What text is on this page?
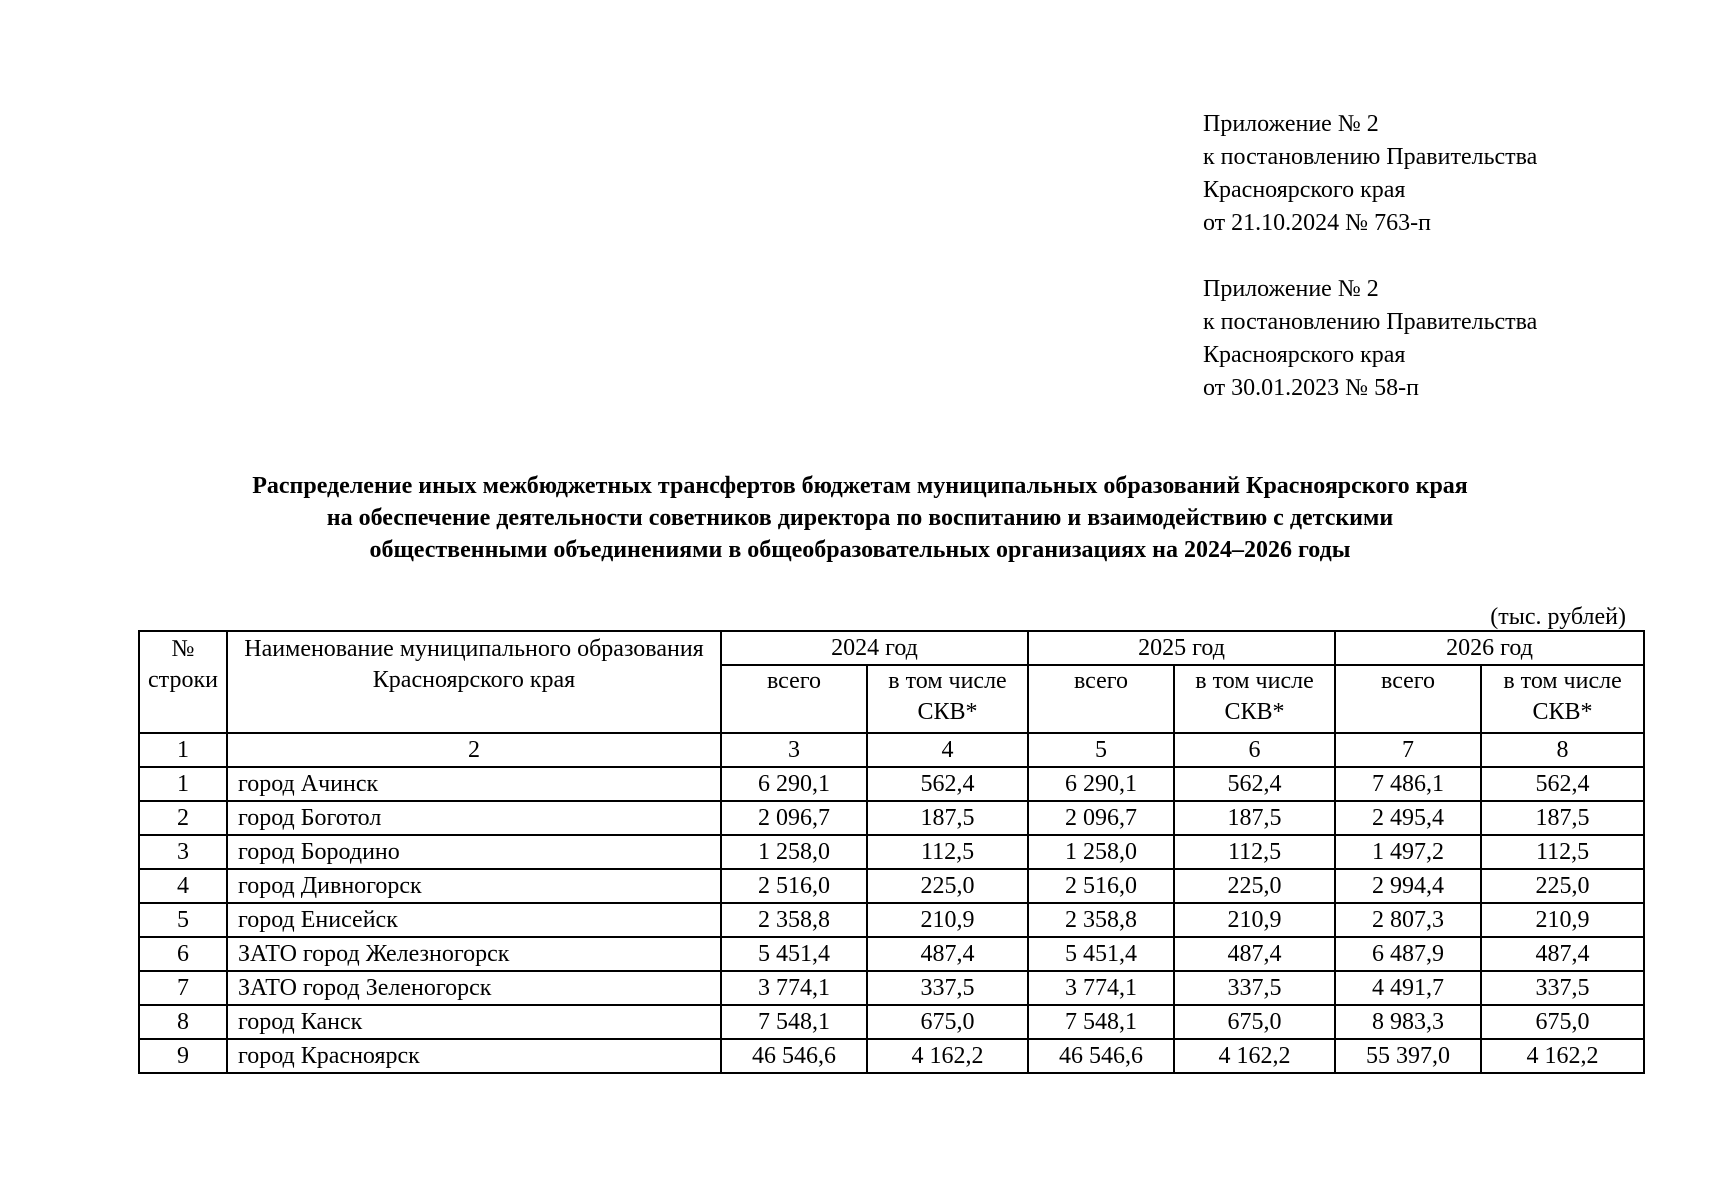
Приложение № 2
к постановлению Правительства
Красноярского края
от 21.10.2024 № 763-п
Приложение № 2
к постановлению Правительства
Красноярского края
от 30.01.2023 № 58-п
Распределение иных межбюджетных трансфертов бюджетам муниципальных образований Красноярского края
на обеспечение деятельности советников директора по воспитанию и взаимодействию с детскими
общественными объединениями в общеобразовательных организациях на 2024–2026 годы
(тыс. рублей)
№ строки	Наименование муниципального образования Красноярского края	2024 год		2025 год		2026 год	
		всего	в том числе СКВ*	всего	в том числе СКВ*	всего	в том числе СКВ*
1	2	3	4	5	6	7	8
1	город Ачинск	6 290,1	562,4	6 290,1	562,4	7 486,1	562,4
2	город Боготол	2 096,7	187,5	2 096,7	187,5	2 495,4	187,5
3	город Бородино	1 258,0	112,5	1 258,0	112,5	1 497,2	112,5
4	город Дивногорск	2 516,0	225,0	2 516,0	225,0	2 994,4	225,0
5	город Енисейск	2 358,8	210,9	2 358,8	210,9	2 807,3	210,9
6	ЗАТО город Железногорск	5 451,4	487,4	5 451,4	487,4	6 487,9	487,4
7	ЗАТО город Зеленогорск	3 774,1	337,5	3 774,1	337,5	4 491,7	337,5
8	город Канск	7 548,1	675,0	7 548,1	675,0	8 983,3	675,0
9	город Красноярск	46 546,6	4 162,2	46 546,6	4 162,2	55 397,0	4 162,2
